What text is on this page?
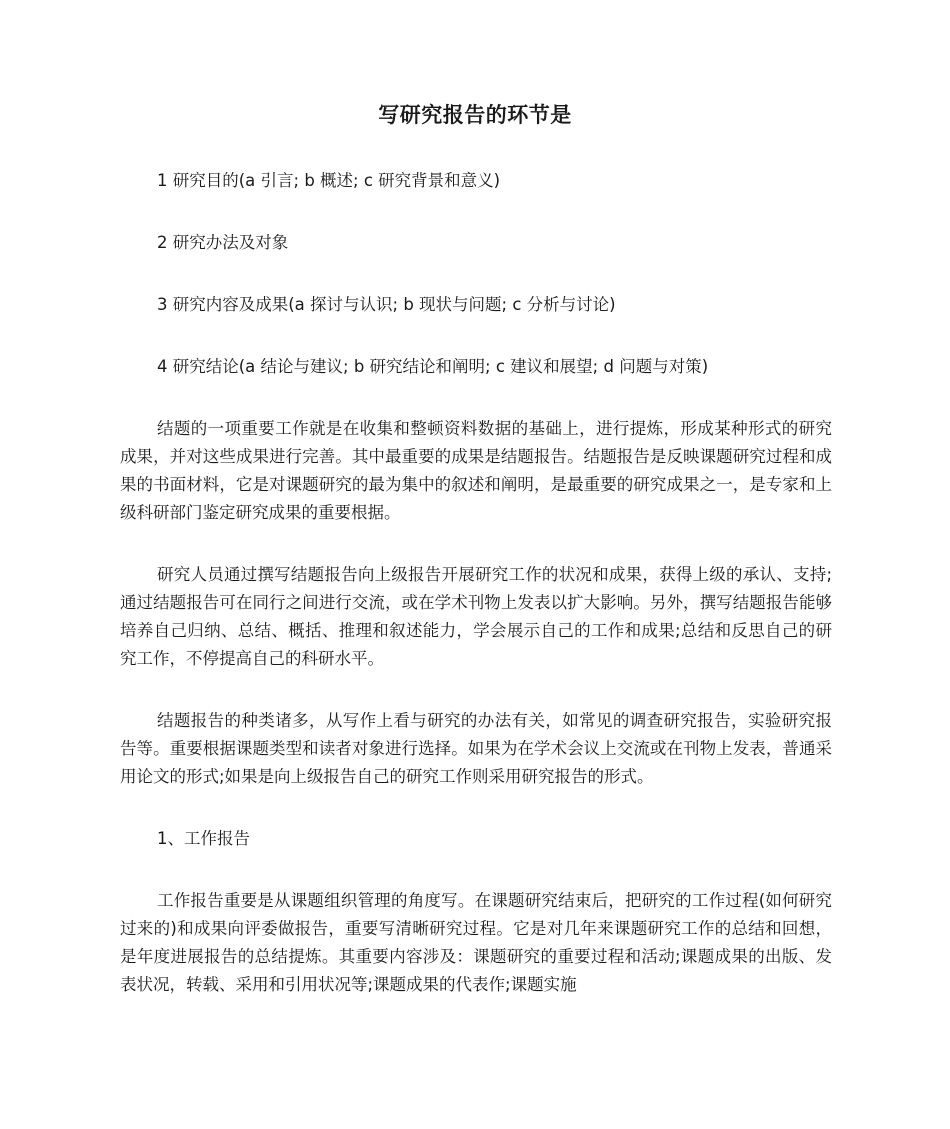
写研究报告的环节是

1 研究目的(a 引言; b 概述; c 研究背景和意义)

2 研究办法及对象

3 研究内容及成果(a 探讨与认识; b 现状与问题; c 分析与讨论)

4 研究结论(a 结论与建议; b 研究结论和阐明; c 建议和展望; d 问题与对策)

结题的一项重要工作就是在收集和整顿资料数据的基础上，进行提炼，形成某种形式的研究成果，并对这些成果进行完善。其中最重要的成果是结题报告。结题报告是反映课题研究过程和成果的书面材料，它是对课题研究的最为集中的叙述和阐明，是最重要的研究成果之一，是专家和上级科研部门鉴定研究成果的重要根据。

研究人员通过撰写结题报告向上级报告开展研究工作的状况和成果，获得上级的承认、支持;通过结题报告可在同行之间进行交流，或在学术刊物上发表以扩大影响。另外，撰写结题报告能够培养自己归纳、总结、概括、推理和叙述能力，学会展示自己的工作和成果;总结和反思自己的研究工作，不停提高自己的科研水平。

结题报告的种类诸多，从写作上看与研究的办法有关，如常见的调查研究报告，实验研究报告等。重要根据课题类型和读者对象进行选择。如果为在学术会议上交流或在刊物上发表，普通采用论文的形式;如果是向上级报告自己的研究工作则采用研究报告的形式。

1、工作报告

工作报告重要是从课题组织管理的角度写。在课题研究结束后，把研究的工作过程(如何研究过来的)和成果向评委做报告，重要写清晰研究过程。它是对几年来课题研究工作的总结和回想，是年度进展报告的总结提炼。其重要内容涉及：课题研究的重要过程和活动;课题成果的出版、发表状况，转载、采用和引用状况等;课题成果的代表作;课题实施
